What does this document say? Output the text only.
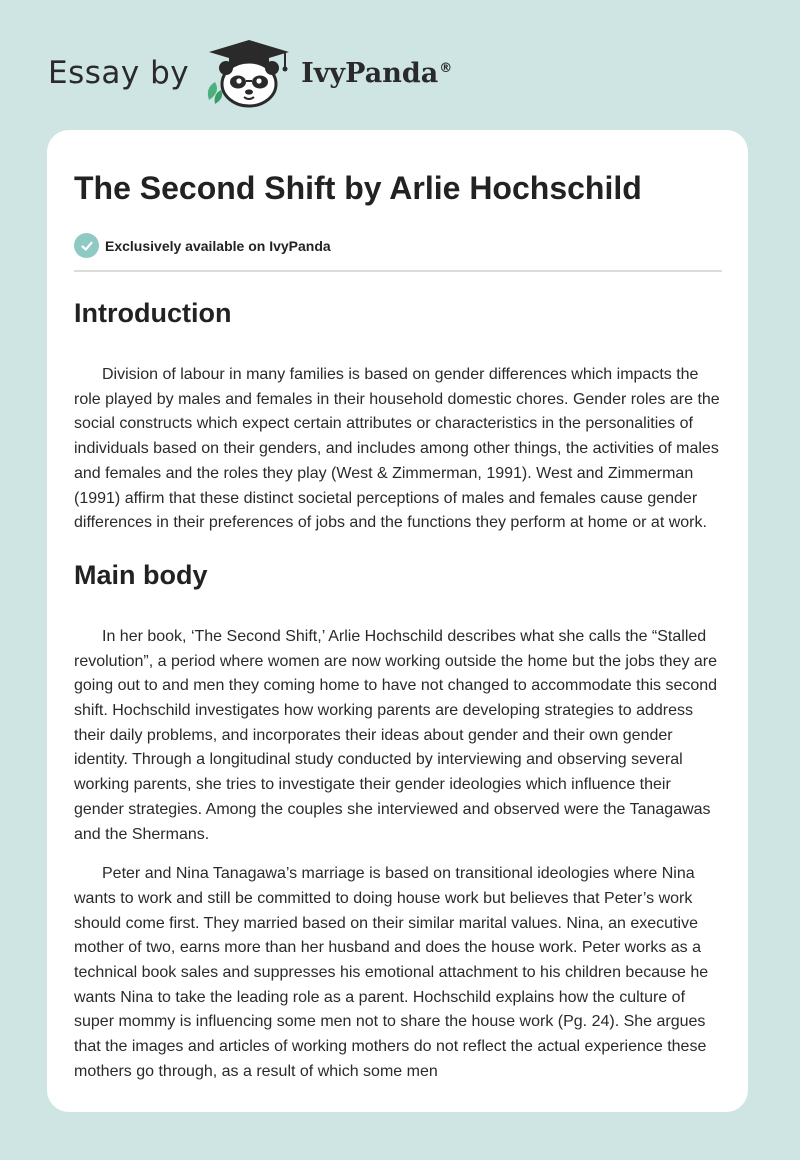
Essay by	IvyPanda®
The Second Shift by Arlie Hochschild
Exclusively available on IvyPanda
Introduction

Division of labour in many families is based on gender differences which impacts the role played by males and females in their household domestic chores. Gender roles are the social constructs which expect certain attributes or characteristics in the personalities of individuals based on their genders, and includes among other things, the activities of males and females and the roles they play (West & Zimmerman, 1991). West and Zimmerman (1991) affirm that these distinct societal perceptions of males and females cause gender differences in their preferences of jobs and the functions they perform at home or at work.

Main body

In her book, ‘The Second Shift,’ Arlie Hochschild describes what she calls the “Stalled revolution”, a period where women are now working outside the home but the jobs they are going out to and men they coming home to have not changed to accommodate this second shift. Hochschild investigates how working parents are developing strategies to address their daily problems, and incorporates their ideas about gender and their own gender identity. Through a longitudinal study conducted by interviewing and observing several working parents, she tries to investigate their gender ideologies which influence their gender strategies. Among the couples she interviewed and observed were the Tanagawas and the Shermans.

Peter and Nina Tanagawa’s marriage is based on transitional ideologies where Nina wants to work and still be committed to doing house work but believes that Peter’s work should come first. They married based on their similar marital values. Nina, an executive mother of two, earns more than her husband and does the house work. Peter works as a technical book sales and suppresses his emotional attachment to his children because he wants Nina to take the leading role as a parent. Hochschild explains how the culture of super mommy is influencing some men not to share the house work (Pg. 24). She argues that the images and articles of working mothers do not reflect the actual experience these mothers go through, as a result of which some men
